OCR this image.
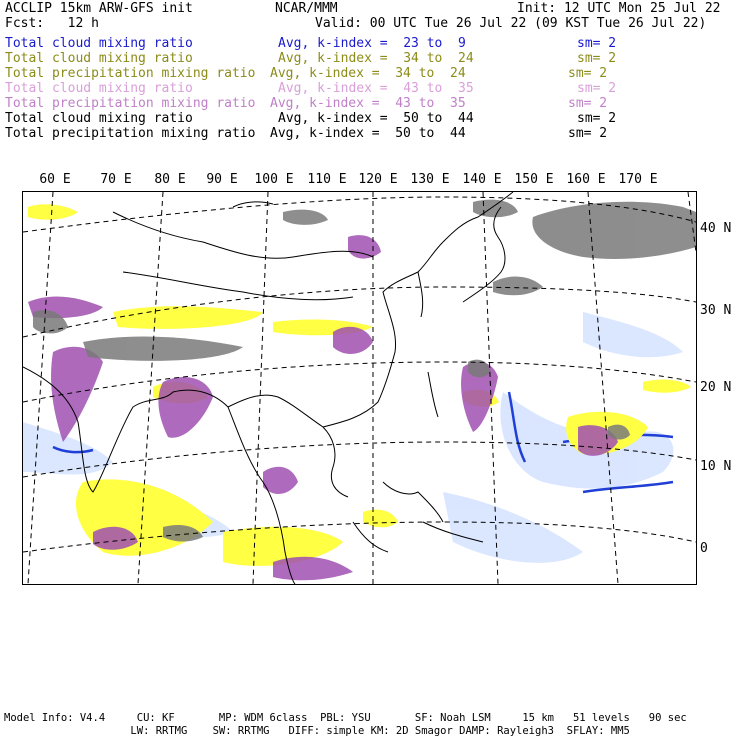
ACCLIP 15km ARW-GFS init	NCAR/MMM	Init: 12 UTC Mon 25 Jul 22
Fcst:   12 h	Valid: 00 UTC Tue 26 Jul 22 (09 KST Tue 26 Jul 22)
Total cloud mixing ratio	Avg, k-index =  23 to  9	sm= 2
Total cloud mixing ratio	Avg, k-index =  34 to  24	sm= 2
Total precipitation mixing ratio Avg, k-index =  34 to  24	sm= 2
Total cloud mixing ratio	Avg, k-index =  43 to  35	sm= 2
Total precipitation mixing ratio Avg, k-index =  43 to  35	sm= 2
Total cloud mixing ratio	Avg, k-index =  50 to  44	sm= 2
Total precipitation mixing ratio Avg, k-index =  50 to  44	sm= 2
60 E 70 E 80 E 90 E 100 E 110 E 120 E 130 E 140 E 150 E 160 E 170 E
40 N
30 N
20 N
10 N
0
Model Info: V4.4     CU: KF       MP: WDM 6class  PBL: YSU       SF: Noah LSM     15 km   51 levels   90 sec
LW: RRTMG    SW: RRTMG   DIFF: simple KM: 2D Smagor DAMP: Rayleigh3  SFLAY: MM5
